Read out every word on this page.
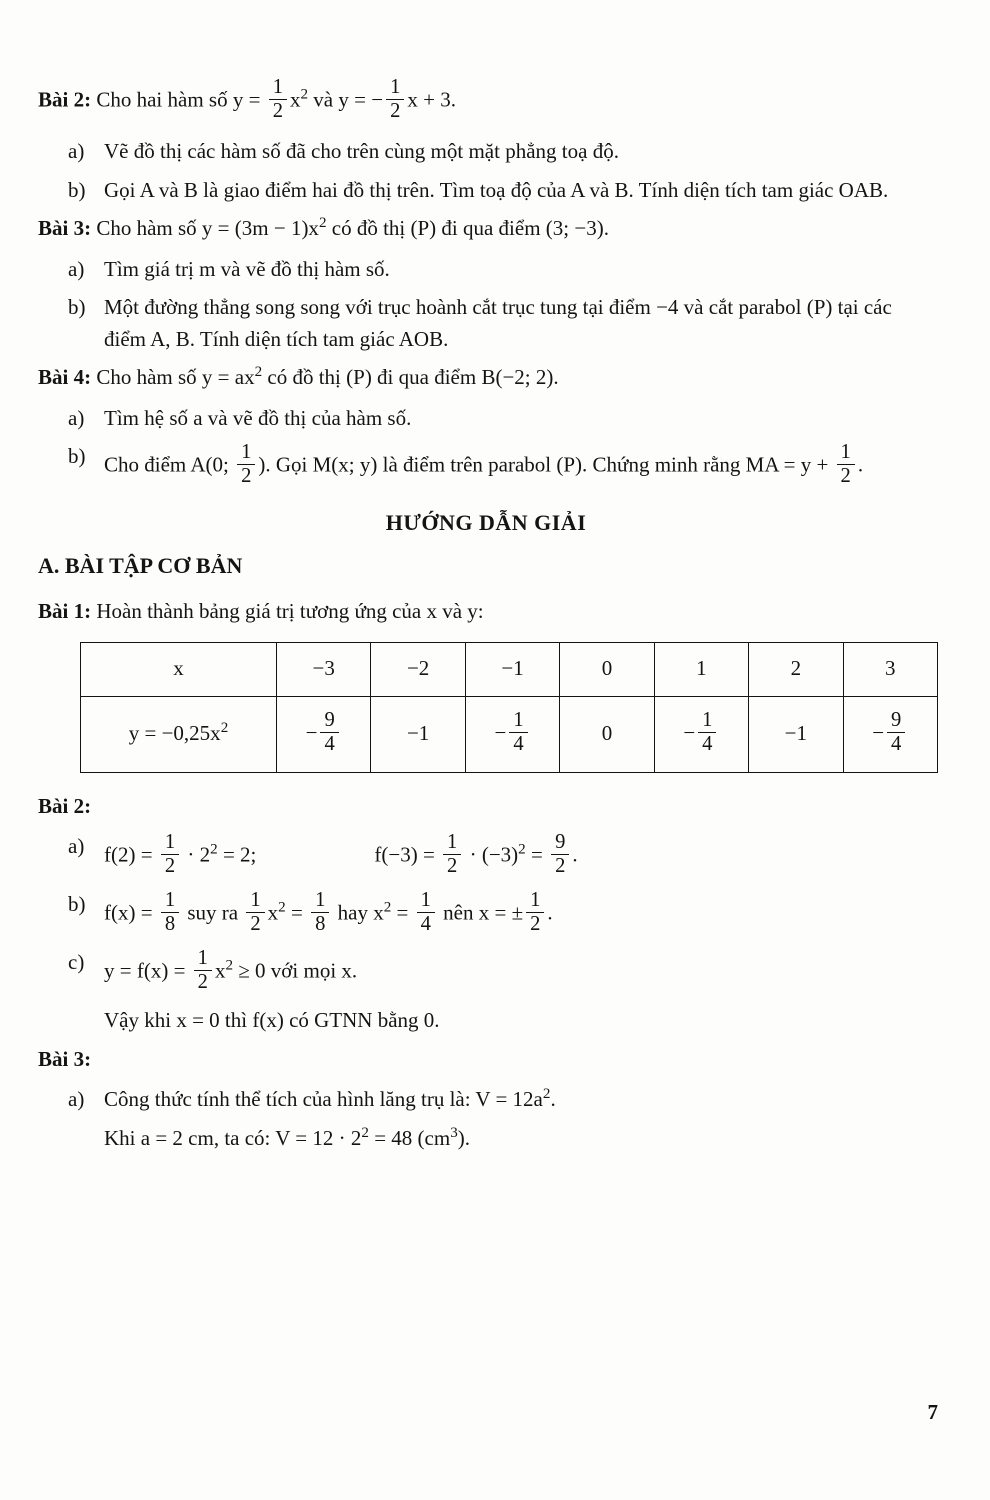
Bài 2: Cho hai hàm số $y = \frac{1}{2} x^2$ và y = − $\frac{1}{2}$ x + 3.
a) Vẽ đồ thị các hàm số đã cho trên cùng một mặt phẳng toạ độ.
b) Gọi A và B là giao điểm hai đồ thị trên. Tìm toạ độ của A và B. Tính diện tích tam giác OAB.
Bài 3: Cho hàm số $y = (3m - 1)x^2$ có đồ thị (P) đi qua điểm (3; −3).
a) Tìm giá trị m và vẽ đồ thị hàm số.
b) Một đường thẳng song song với trục hoành cắt trục tung tại điểm −4 và cắt parabol (P) tại các điểm A, B. Tính diện tích tam giác AOB.
Bài 4: Cho hàm số $y = ax^2$ có đồ thị (P) đi qua điểm B(−2; 2).
a) Tìm hệ số a và vẽ đồ thị của hàm số.
b) Cho điểm A(0; $\frac{1}{2}$ ). Gọi M(x; y) là điểm trên parabol (P). Chứng minh rằng MA = $y + \frac{1}{2}$ .
HƯỚNG DẪN GIẢI
A. BÀI TẬP CƠ BẢN
Bài 1: Hoàn thành bảng giá trị tương ứng của x và y:
x	−3	−2	−1	0	1	2	3
$y = -0,25x^2$	− $\frac{9}{4}$	−1	− $\frac{1}{4}$	0	− $\frac{1}{4}$	−1	− $\frac{9}{4}$
Bài 2:
a) $f(2) = \frac{1}{2} \cdot 2^2 = 2$;	$f(-3) = \frac{1}{2} \cdot (-3)^2 = \frac{9}{2}$ .
b) $f(x) = \frac{1}{8}$ suy ra $\frac{1}{2} x^2 = \frac{1}{8}$ hay $x^2 = \frac{1}{4}$ nên x = ± $\frac{1}{2}$ .
c) $y = f(x) = \frac{1}{2} x^2 \ge 0$ với mọi x.
Vậy khi x = 0 thì f(x) có GTNN bằng 0.
Bài 3:
a) Công thức tính thể tích của hình lăng trụ là: $V = 12a^2$.
Khi a = 2 cm, ta có: $V = 12 \cdot 2^2 = 48$ $(cm^3)$.
7
